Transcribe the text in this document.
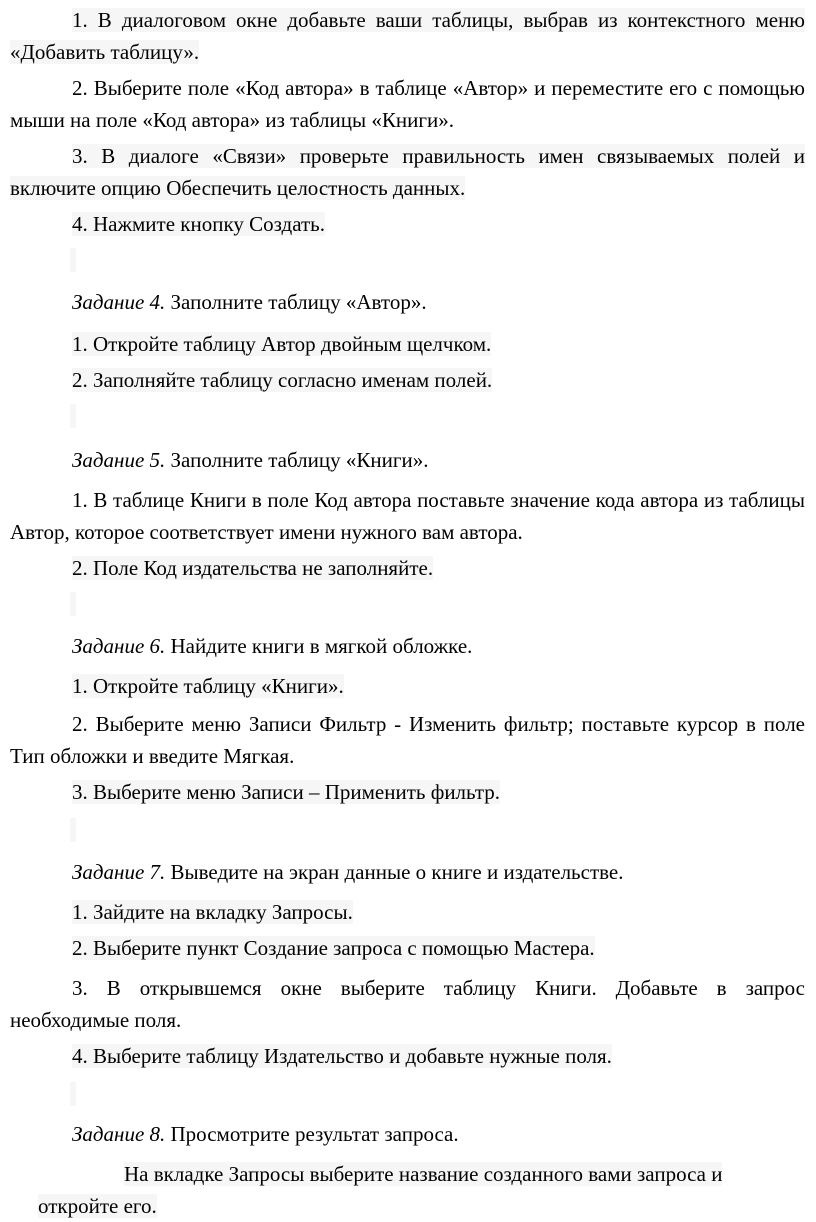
1. В диалоговом окне добавьте ваши таблицы, выбрав из контекстного меню «Добавить таблицу».

2. Выберите поле «Код автора» в таблице «Автор» и переместите его с помощью мыши на поле «Код автора» из таблицы «Книги».

3. В диалоге «Связи» проверьте правильность имен связываемых полей и включите опцию Обеспечить целостность данных.

4. Нажмите кнопку Создать.

Задание 4. Заполните таблицу «Автор».

1. Откройте таблицу Автор двойным щелчком.

2. Заполняйте таблицу согласно именам полей.

Задание 5. Заполните таблицу «Книги».

1. В таблице Книги в поле Код автора поставьте значение кода автора из таблицы Автор, которое соответствует имени нужного вам автора.

2. Поле Код издательства не заполняйте.

Задание 6. Найдите книги в мягкой обложке.

1. Откройте таблицу «Книги».

2. Выберите меню Записи Фильтр - Изменить фильтр; поставьте курсор в поле Тип обложки и введите Мягкая.

3. Выберите меню Записи – Применить фильтр.

Задание 7. Выведите на экран данные о книге и издательстве.

1. Зайдите на вкладку Запросы.

2. Выберите пункт Создание запроса с помощью Мастера.

3. В открывшемся окне выберите таблицу Книги. Добавьте в запрос необходимые поля.

4. Выберите таблицу Издательство и добавьте нужные поля.

Задание 8. Просмотрите результат запроса.

На вкладке Запросы выберите название созданного вами запроса и откройте его.
